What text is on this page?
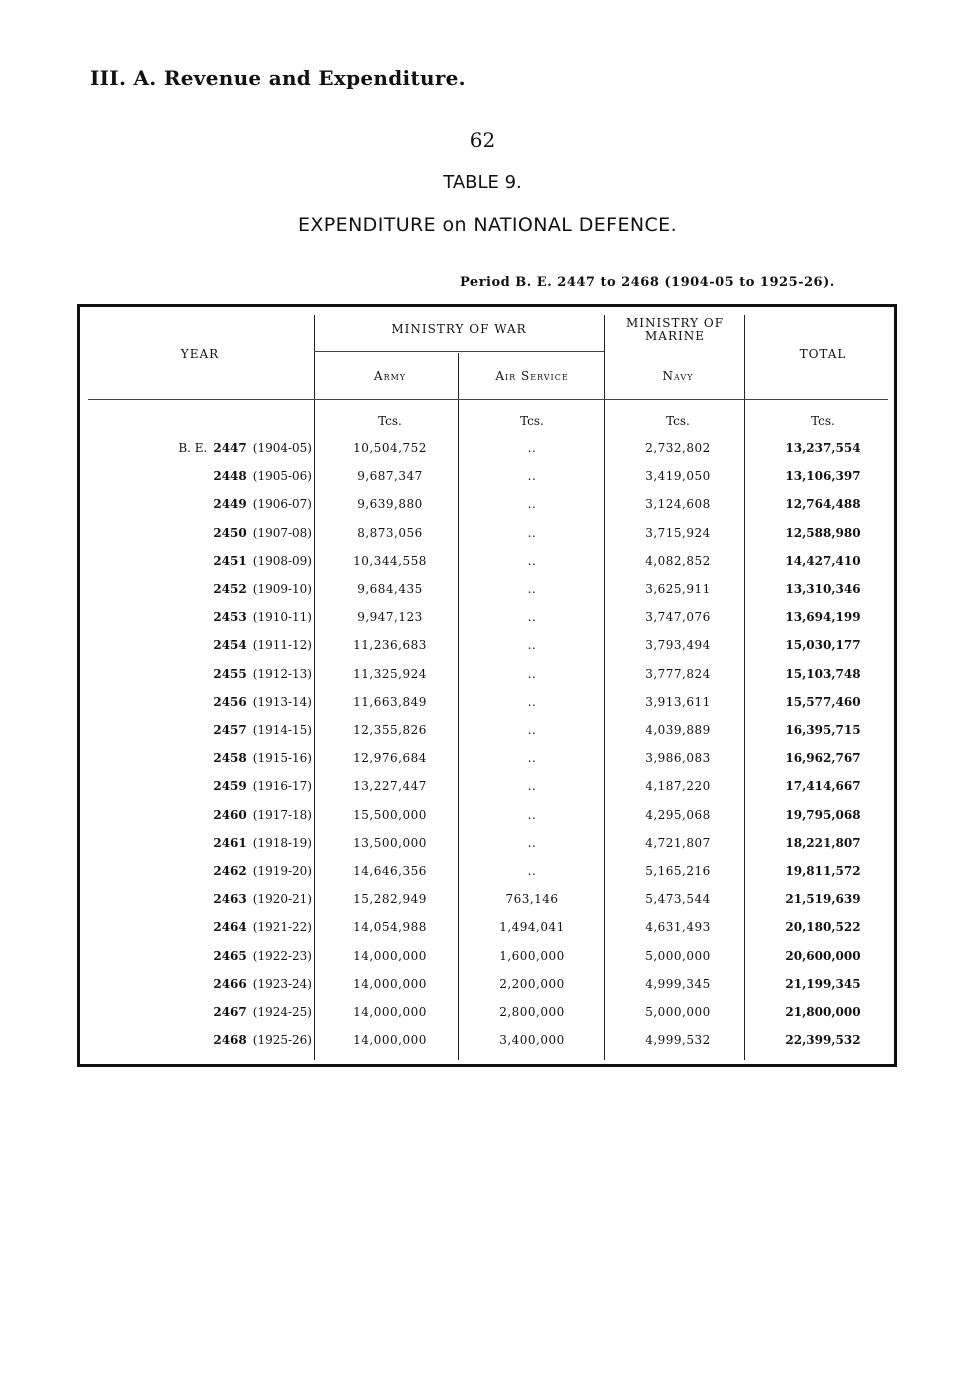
III. A. Revenue and Expenditure.
62
TABLE 9.
EXPENDITURE on NATIONAL DEFENCE.
Period B. E. 2447 to 2468 (1904-05 to 1925-26).
YEAR
MINISTRY OF WAR	MINISTRY OF MARINE
TOTAL
Army	Air Service	Navy
Tcs.	Tcs.	Tcs.	Tcs.
B. E. 2447 (1904-05)	10,504,752	..	2,732,802	13,237,554
2448 (1905-06)	9,687,347	..	3,419,050	13,106,397
2449 (1906-07)	9,639,880	..	3,124,608	12,764,488
2450 (1907-08)	8,873,056	..	3,715,924	12,588,980
2451 (1908-09)	10,344,558	..	4,082,852	14,427,410
2452 (1909-10)	9,684,435	..	3,625,911	13,310,346
2453 (1910-11)	9,947,123	..	3,747,076	13,694,199
2454 (1911-12)	11,236,683	..	3,793,494	15,030,177
2455 (1912-13)	11,325,924	..	3,777,824	15,103,748
2456 (1913-14)	11,663,849	..	3,913,611	15,577,460
2457 (1914-15)	12,355,826	..	4,039,889	16,395,715
2458 (1915-16)	12,976,684	..	3,986,083	16,962,767
2459 (1916-17)	13,227,447	..	4,187,220	17,414,667
2460 (1917-18)	15,500,000	..	4,295,068	19,795,068
2461 (1918-19)	13,500,000	..	4,721,807	18,221,807
2462 (1919-20)	14,646,356	..	5,165,216	19,811,572
2463 (1920-21)	15,282,949	763,146	5,473,544	21,519,639
2464 (1921-22)	14,054,988	1,494,041	4,631,493	20,180,522
2465 (1922-23)	14,000,000	1,600,000	5,000,000	20,600,000
2466 (1923-24)	14,000,000	2,200,000	4,999,345	21,199,345
2467 (1924-25)	14,000,000	2,800,000	5,000,000	21,800,000
2468 (1925-26)	14,000,000	3,400,000	4,999,532	22,399,532
